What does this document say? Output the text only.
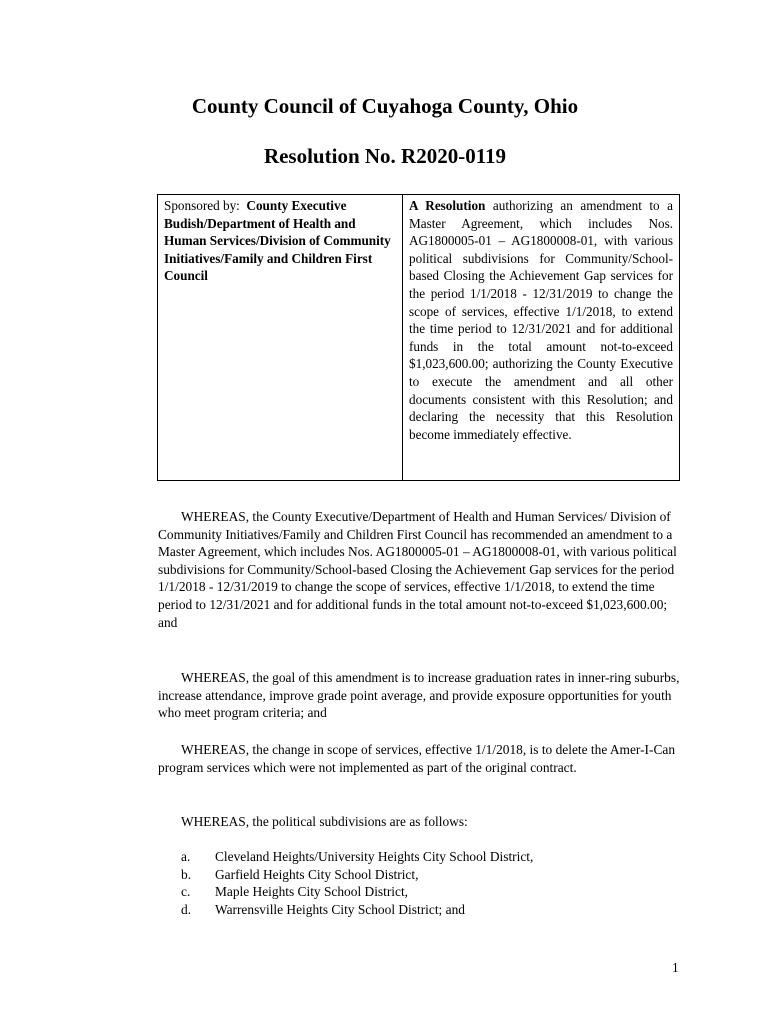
County Council of Cuyahoga County, Ohio
Resolution No. R2020-0119
Sponsored by: County Executive Budish/Department of Health and Human Services/Division of Community Initiatives/Family and Children First Council	A Resolution authorizing an amendment to a Master Agreement, which includes Nos. AG1800005-01 – AG1800008-01, with various political subdivisions for Community/School-based Closing the Achievement Gap services for the period 1/1/2018 - 12/31/2019 to change the scope of services, effective 1/1/2018, to extend the time period to 12/31/2021 and for additional funds in the total amount not-to-exceed $1,023,600.00; authorizing the County Executive to execute the amendment and all other documents consistent with this Resolution; and declaring the necessity that this Resolution become immediately effective.

WHEREAS, the County Executive/Department of Health and Human Services/ Division of Community Initiatives/Family and Children First Council has recommended an amendment to a Master Agreement, which includes Nos. AG1800005-01 – AG1800008-01, with various political subdivisions for Community/School-based Closing the Achievement Gap services for the period 1/1/2018 - 12/31/2019 to change the scope of services, effective 1/1/2018, to extend the time period to 12/31/2021 and for additional funds in the total amount not-to-exceed $1,023,600.00; and

WHEREAS, the goal of this amendment is to increase graduation rates in inner-ring suburbs, increase attendance, improve grade point average, and provide exposure opportunities for youth who meet program criteria; and

WHEREAS, the change in scope of services, effective 1/1/2018, is to delete the Amer-I-Can program services which were not implemented as part of the original contract.

WHEREAS, the political subdivisions are as follows:

a.	Cleveland Heights/University Heights City School District,
b.	Garfield Heights City School District,
c.	Maple Heights City School District,
d.	Warrensville Heights City School District; and
1
